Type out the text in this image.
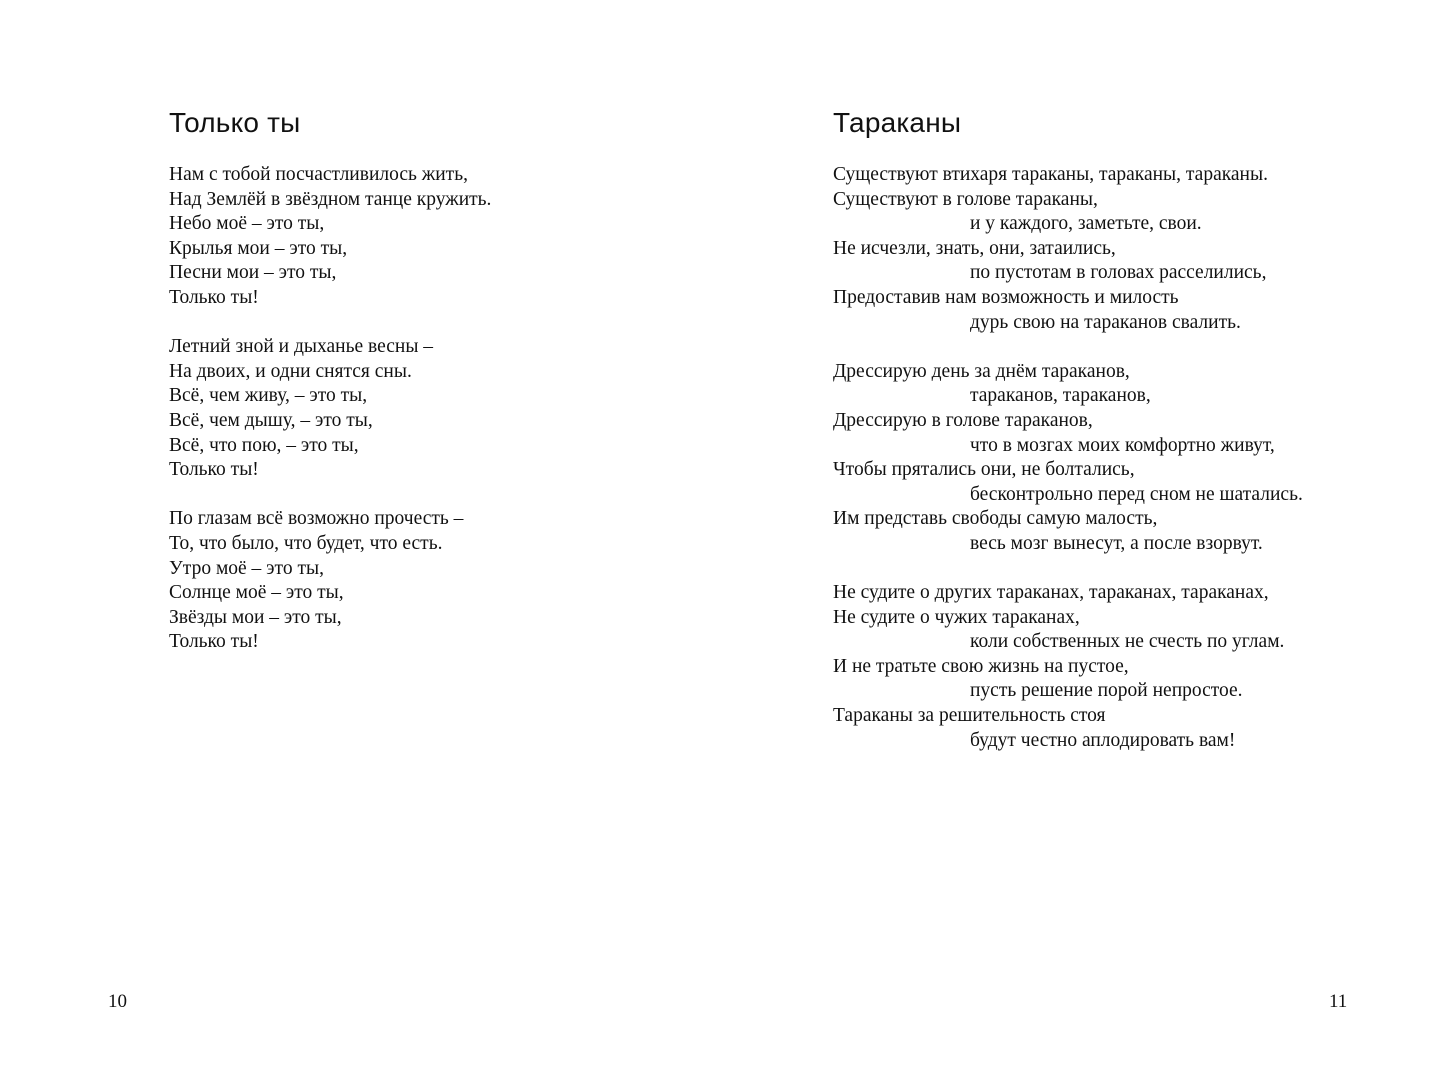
Только ты
Нам с тобой посчастливилось жить,
Над Землёй в звёздном танце кружить.
Небо моё – это ты,
Крылья мои – это ты,
Песни мои – это ты,
Только ты!
Летний зной и дыханье весны –
На двоих, и одни снятся сны.
Всё, чем живу, – это ты,
Всё, чем дышу, – это ты,
Всё, что пою, – это ты,
Только ты!
По глазам всё возможно прочесть –
То, что было, что будет, что есть.
Утро моё – это ты,
Солнце моё – это ты,
Звёзды мои – это ты,
Только ты!
10
Тараканы
Существуют втихаря тараканы, тараканы, тараканы.
Существуют в голове тараканы,
и у каждого, заметьте, свои.
Не исчезли, знать, они, затаились,
по пустотам в головах расселились,
Предоставив нам возможность и милость
дурь свою на тараканов свалить.
Дрессирую день за днём тараканов,
тараканов, тараканов,
Дрессирую в голове тараканов,
что в мозгах моих комфортно живут,
Чтобы прятались они, не болтались,
бесконтрольно перед сном не шатались.
Им представь свободы самую малость,
весь мозг вынесут, а после взорвут.
Не судите о других тараканах, тараканах, тараканах,
Не судите о чужих тараканах,
коли собственных не счесть по углам.
И не тратьте свою жизнь на пустое,
пусть решение порой непростое.
Тараканы за решительность стоя
будут честно аплодировать вам!
11
